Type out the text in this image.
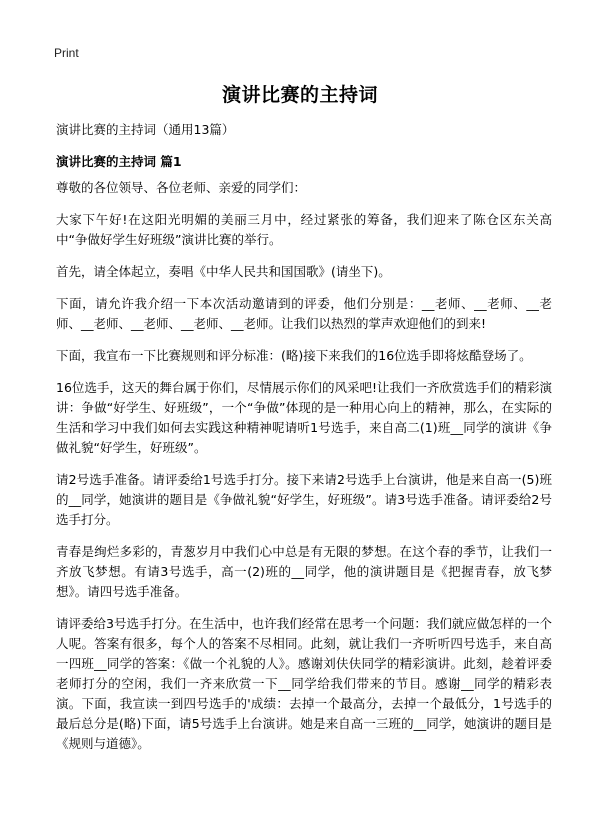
Print
演讲比赛的主持词
演讲比赛的主持词（通用13篇）
演讲比赛的主持词 篇1

尊敬的各位领导、各位老师、亲爱的同学们：

大家下午好!在这阳光明媚的美丽三月中，经过紧张的筹备，我们迎来了陈仓区东关高中“争做好学生好班级”演讲比赛的举行。

首先，请全体起立，奏唱《中华人民共和国国歌》(请坐下)。

下面，请允许我介绍一下本次活动邀请到的评委，他们分别是：__老师、__老师、__老师、__老师、__老师、__老师、__老师。让我们以热烈的掌声欢迎他们的到来!

下面，我宣布一下比赛规则和评分标准：(略)接下来我们的16位选手即将炫酷登场了。

16位选手，这天的舞台属于你们，尽情展示你们的风采吧!让我们一齐欣赏选手们的精彩演讲：争做“好学生、好班级”，一个“争做”体现的是一种用心向上的精神，那么，在实际的生活和学习中我们如何去实践这种精神呢请听1号选手，来自高二(1)班__同学的演讲《争做礼貌“好学生，好班级”。

请2号选手准备。请评委给1号选手打分。接下来请2号选手上台演讲，他是来自高一(5)班的__同学，她演讲的题目是《争做礼貌“好学生，好班级”。请3号选手准备。请评委给2号选手打分。

青春是绚烂多彩的，青葱岁月中我们心中总是有无限的梦想。在这个春的季节，让我们一齐放飞梦想。有请3号选手，高一(2)班的__同学，他的演讲题目是《把握青春，放飞梦想》。请四号选手准备。

请评委给3号选手打分。在生活中，也许我们经常在思考一个问题：我们就应做怎样的一个人呢。答案有很多，每个人的答案不尽相同。此刻，就让我们一齐听听四号选手，来自高一四班__同学的答案：《做一个礼貌的人》。感谢刘伕伕同学的精彩演讲。此刻，趁着评委老师打分的空闲，我们一齐来欣赏一下__同学给我们带来的节目。感谢__同学的精彩表演。下面，我宣读一到四号选手的'成绩：去掉一个最高分，去掉一个最低分，1号选手的最后总分是(略)下面，请5号选手上台演讲。她是来自高一三班的__同学，她演讲的题目是《规则与道德》。
